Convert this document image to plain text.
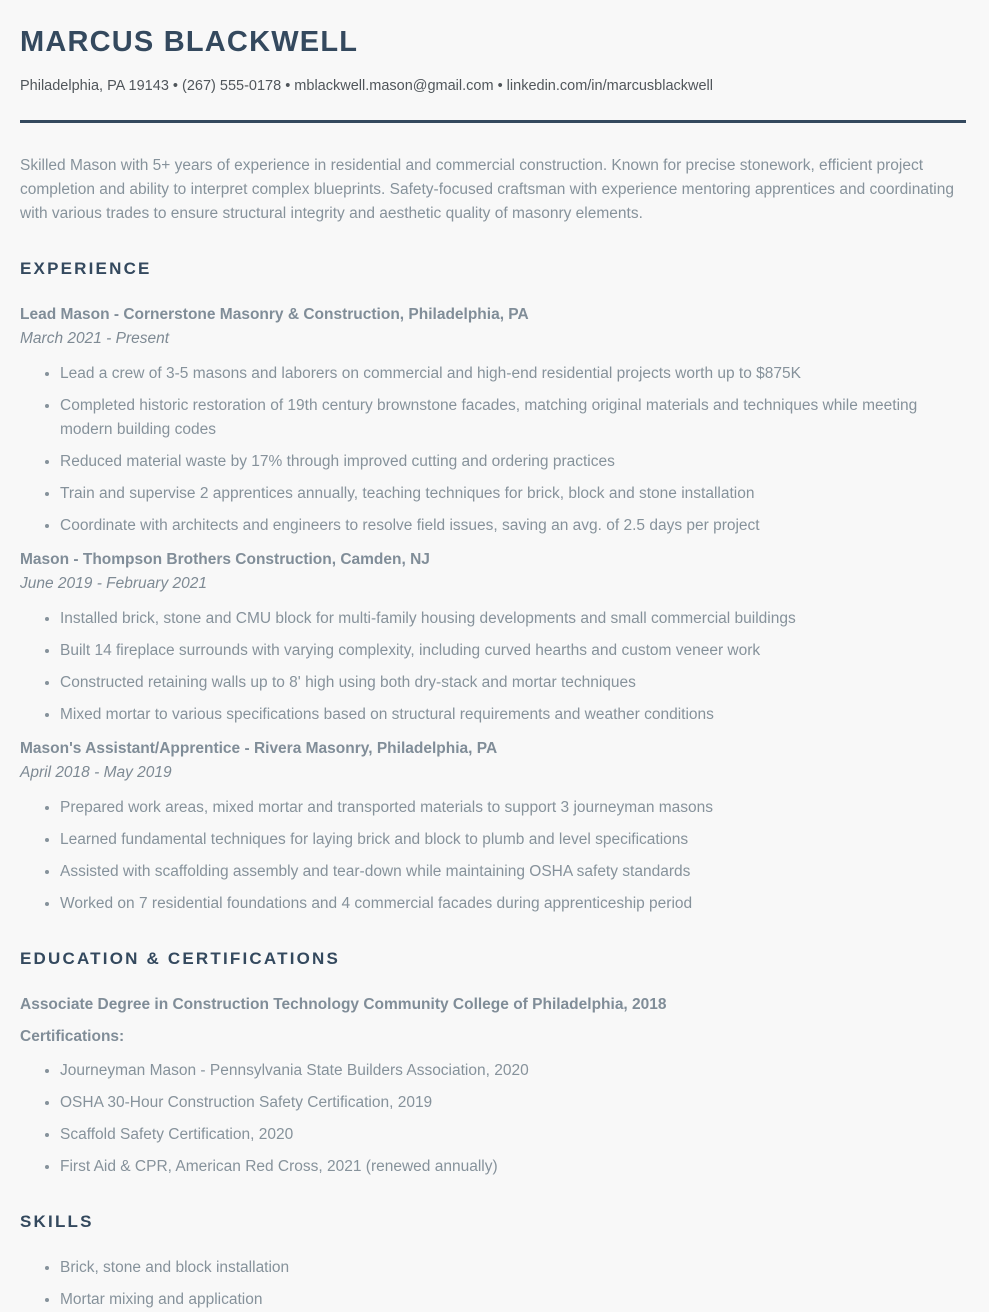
MARCUS BLACKWELL

Philadelphia, PA 19143 • (267) 555-0178 • mblackwell.mason@gmail.com • linkedin.com/in/marcusblackwell

Skilled Mason with 5+ years of experience in residential and commercial construction. Known for precise stonework, efficient project completion and ability to interpret complex blueprints. Safety-focused craftsman with experience mentoring apprentices and coordinating with various trades to ensure structural integrity and aesthetic quality of masonry elements.

EXPERIENCE
Lead Mason - Cornerstone Masonry & Construction, Philadelphia, PA

March 2021 - Present

• Lead a crew of 3-5 masons and laborers on commercial and high-end residential projects worth up to $875K
• Completed historic restoration of 19th century brownstone facades, matching original materials and techniques while meeting modern building codes
• Reduced material waste by 17% through improved cutting and ordering practices
• Train and supervise 2 apprentices annually, teaching techniques for brick, block and stone installation
• Coordinate with architects and engineers to resolve field issues, saving an avg. of 2.5 days per project
Mason - Thompson Brothers Construction, Camden, NJ

June 2019 - February 2021

• Installed brick, stone and CMU block for multi-family housing developments and small commercial buildings
• Built 14 fireplace surrounds with varying complexity, including curved hearths and custom veneer work
• Constructed retaining walls up to 8' high using both dry-stack and mortar techniques
• Mixed mortar to various specifications based on structural requirements and weather conditions
Mason's Assistant/Apprentice - Rivera Masonry, Philadelphia, PA

April 2018 - May 2019

• Prepared work areas, mixed mortar and transported materials to support 3 journeyman masons
• Learned fundamental techniques for laying brick and block to plumb and level specifications
• Assisted with scaffolding assembly and tear-down while maintaining OSHA safety standards
• Worked on 7 residential foundations and 4 commercial facades during apprenticeship period
EDUCATION & CERTIFICATIONS

Associate Degree in Construction Technology Community College of Philadelphia, 2018

Certifications:

• Journeyman Mason - Pennsylvania State Builders Association, 2020
• OSHA 30-Hour Construction Safety Certification, 2019
• Scaffold Safety Certification, 2020
• First Aid & CPR, American Red Cross, 2021 (renewed annually)
SKILLS
• Brick, stone and block installation
• Mortar mixing and application
